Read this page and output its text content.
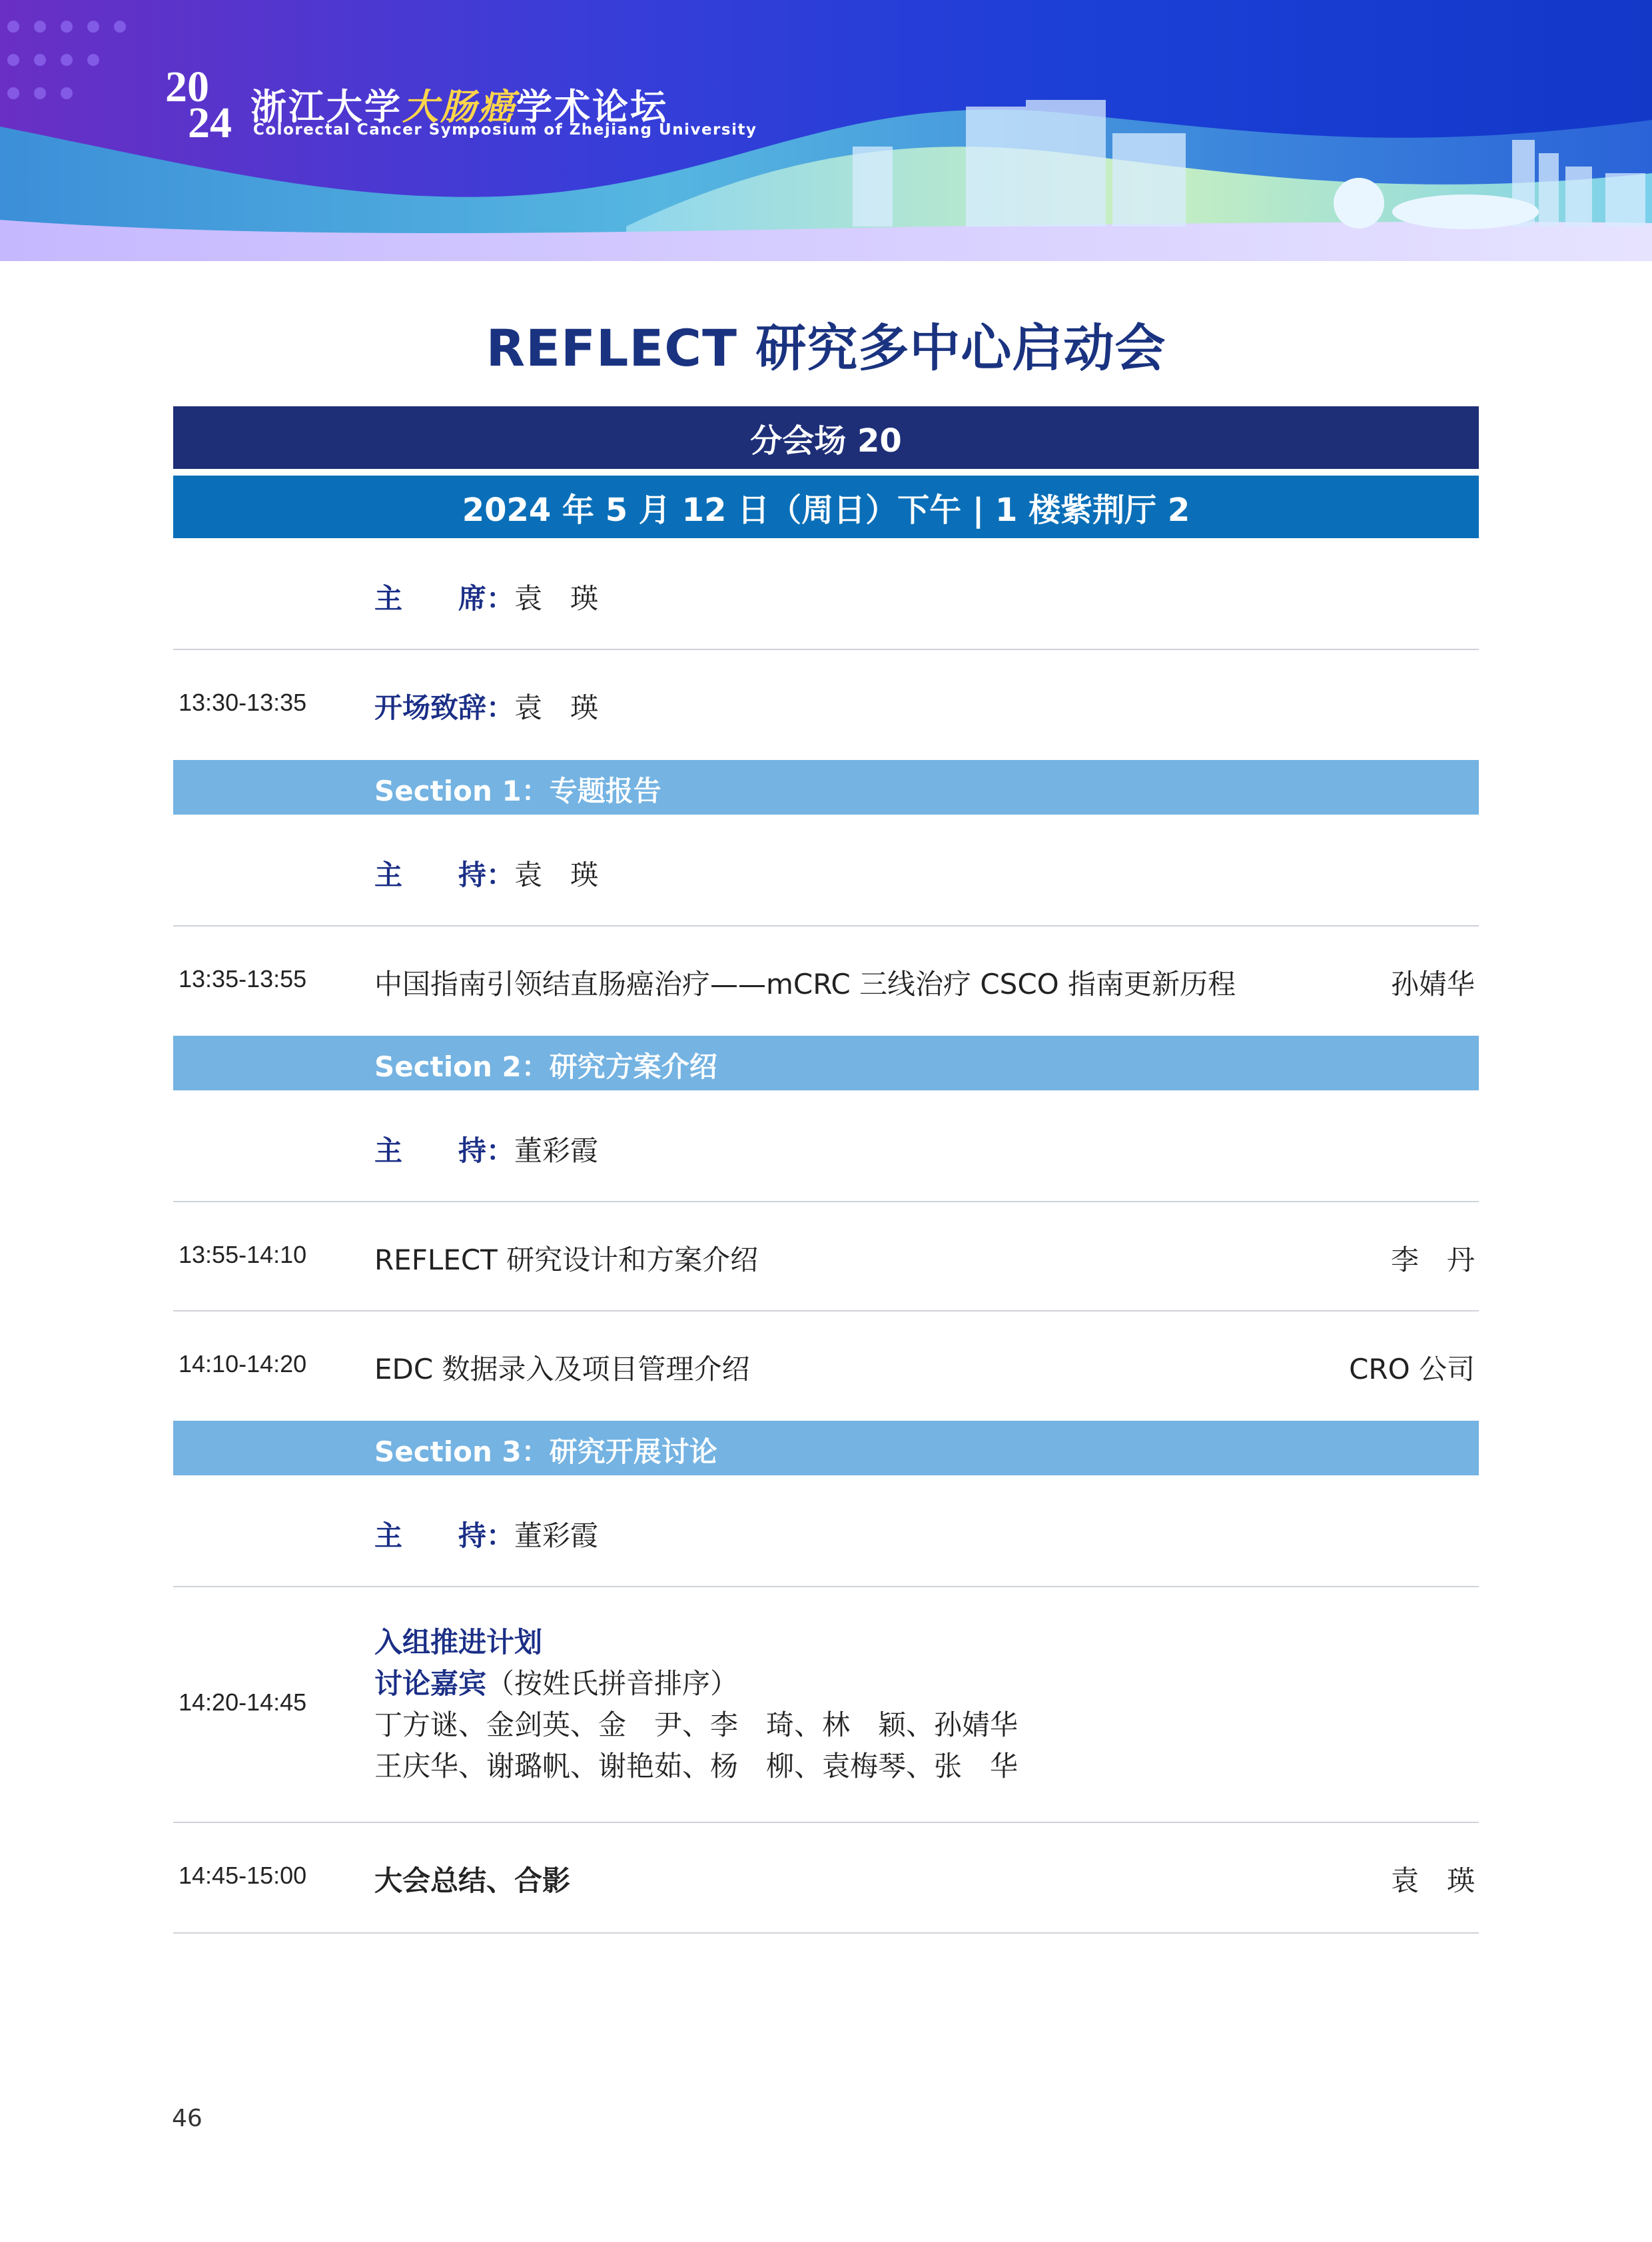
20
24 浙江大学大肠癌学术论坛
Colorectal Cancer Symposium of Zhejiang University
REFLECT 研究多中心启动会
分会场 20
2024 年 5 月 12 日（周日）下午 | 1 楼紫荆厅 2
主　　席：袁　瑛
13:30-13:35 开场致辞：袁　瑛
Section 1：专题报告
主　　持：袁　瑛
13:35-13:55 中国指南引领结直肠癌治疗——mCRC 三线治疗 CSCO 指南更新历程	孙婧华
Section 2：研究方案介绍
主　　持：董彩霞
13:55-14:10 REFLECT 研究设计和方案介绍	李　丹
14:10-14:20 EDC 数据录入及项目管理介绍	CRO 公司
Section 3：研究开展讨论
主　　持：董彩霞
14:20-14:45
入组推进计划
讨论嘉宾（按姓氏拼音排序）
丁方谜、金剑英、金　尹、李　琦、林　颖、孙婧华
王庆华、谢璐帆、谢艳茹、杨　柳、袁梅琴、张　华
14:45-15:00 大会总结、合影	袁　瑛
46
